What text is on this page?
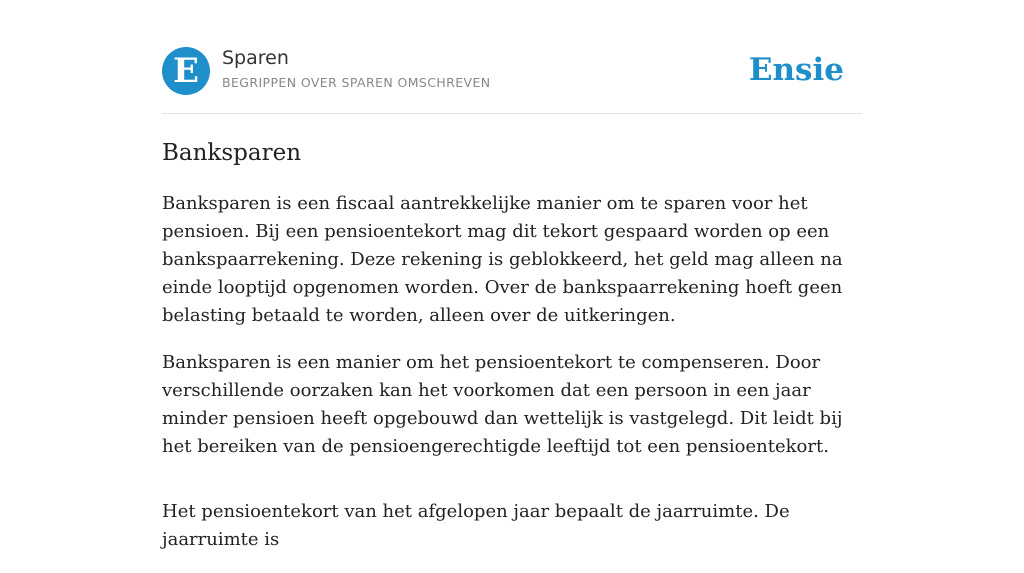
E	Sparen
BEGRIPPEN OVER SPAREN OMSCHREVEN	Ensie
Banksparen

Banksparen is een fiscaal aantrekkelijke manier om te sparen voor het pensioen. Bij een pensioentekort mag dit tekort gespaard worden op een bankspaarrekening. Deze rekening is geblokkeerd, het geld mag alleen na einde looptijd opgenomen worden. Over de bankspaarrekening hoeft geen belasting betaald te worden, alleen over de uitkeringen.

Banksparen is een manier om het pensioentekort te compenseren. Door verschillende oorzaken kan het voorkomen dat een persoon in een jaar minder pensioen heeft opgebouwd dan wettelijk is vastgelegd. Dit leidt bij het bereiken van de pensioengerechtigde leeftijd tot een pensioentekort.

Het pensioentekort van het afgelopen jaar bepaalt de jaarruimte. De jaarruimte is
